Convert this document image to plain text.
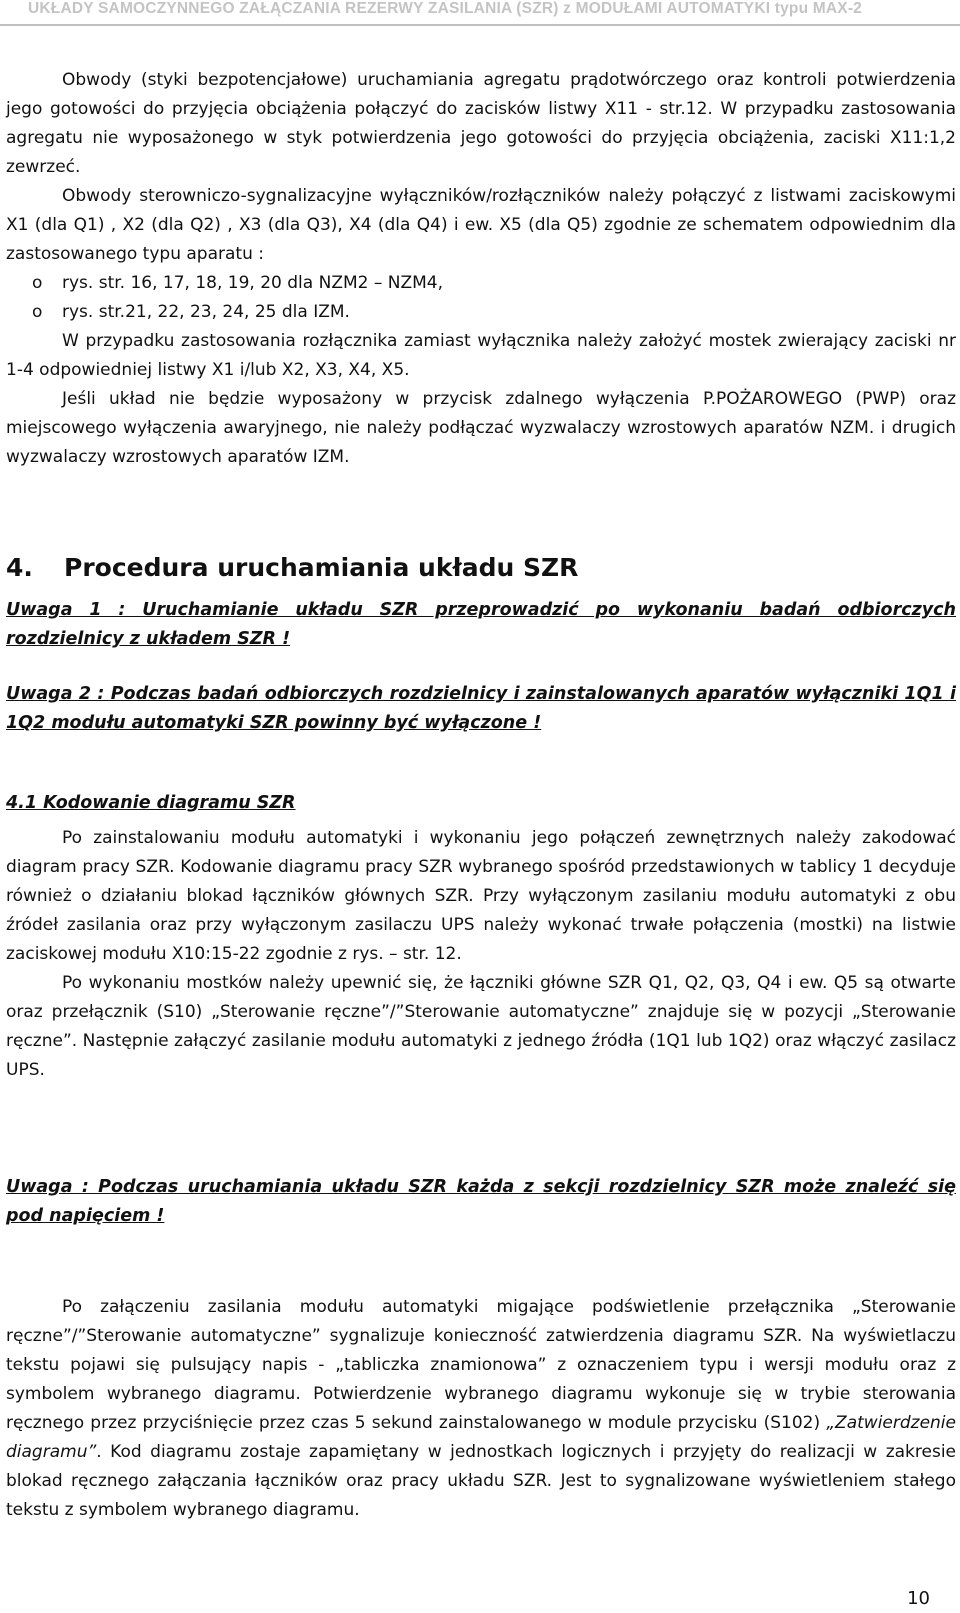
UKŁADY SAMOCZYNNEGO ZAŁĄCZANIA REZERWY ZASILANIA (SZR) z MODUŁAMI AUTOMATYKI typu MAX-2

Obwody (styki bezpotencjałowe) uruchamiania agregatu prądotwórczego oraz kontroli potwierdzenia jego gotowości do przyjęcia obciążenia połączyć do zacisków listwy X11 - str.12. W przypadku zastosowania agregatu nie wyposażonego w styk potwierdzenia jego gotowości do przyjęcia obciążenia, zaciski X11:1,2 zewrzeć.

Obwody sterowniczo-sygnalizacyjne wyłączników/rozłączników należy połączyć z listwami zaciskowymi X1 (dla Q1) , X2 (dla Q2) , X3 (dla Q3), X4 (dla Q4) i ew. X5 (dla Q5) zgodnie ze schematem odpowiednim dla zastosowanego typu aparatu :

o rys. str. 16, 17, 18, 19, 20 dla NZM2 – NZM4,
o rys. str.21, 22, 23, 24, 25 dla IZM.

W przypadku zastosowania rozłącznika zamiast wyłącznika należy założyć mostek zwierający zaciski nr 1-4 odpowiedniej listwy X1 i/lub X2, X3, X4, X5.

Jeśli układ nie będzie wyposażony w przycisk zdalnego wyłączenia P.POŻAROWEGO (PWP) oraz miejscowego wyłączenia awaryjnego, nie należy podłączać wyzwalaczy wzrostowych aparatów NZM. i drugich wyzwalaczy wzrostowych aparatów IZM.

4. Procedura uruchamiania układu SZR

Uwaga 1 : Uruchamianie układu SZR przeprowadzić po wykonaniu badań odbiorczych rozdzielnicy z układem SZR !

Uwaga 2 : Podczas badań odbiorczych rozdzielnicy i zainstalowanych aparatów wyłączniki 1Q1 i 1Q2 modułu automatyki SZR powinny być wyłączone !

4.1 Kodowanie diagramu SZR

Po zainstalowaniu modułu automatyki i wykonaniu jego połączeń zewnętrznych należy zakodować diagram pracy SZR. Kodowanie diagramu pracy SZR wybranego spośród przedstawionych w tablicy 1 decyduje również o działaniu blokad łączników głównych SZR. Przy wyłączonym zasilaniu modułu automatyki z obu źródeł zasilania oraz przy wyłączonym zasilaczu UPS należy wykonać trwałe połączenia (mostki) na listwie zaciskowej modułu X10:15-22 zgodnie z rys. – str. 12.

Po wykonaniu mostków należy upewnić się, że łączniki główne SZR Q1, Q2, Q3, Q4 i ew. Q5 są otwarte oraz przełącznik (S10) „Sterowanie ręczne”/”Sterowanie automatyczne” znajduje się w pozycji „Sterowanie ręczne”. Następnie załączyć zasilanie modułu automatyki z jednego źródła (1Q1 lub 1Q2) oraz włączyć zasilacz UPS.

Uwaga : Podczas uruchamiania układu SZR każda z sekcji rozdzielnicy SZR może znaleźć się pod napięciem !

Po załączeniu zasilania modułu automatyki migające podświetlenie przełącznika „Sterowanie ręczne”/”Sterowanie automatyczne” sygnalizuje konieczność zatwierdzenia diagramu SZR. Na wyświetlaczu tekstu pojawi się pulsujący napis - „tabliczka znamionowa” z oznaczeniem typu i wersji modułu oraz z symbolem wybranego diagramu. Potwierdzenie wybranego diagramu wykonuje się w trybie sterowania ręcznego przez przyciśnięcie przez czas 5 sekund zainstalowanego w module przycisku (S102) „Zatwierdzenie diagramu”. Kod diagramu zostaje zapamiętany w jednostkach logicznych i przyjęty do realizacji w zakresie blokad ręcznego załączania łączników oraz pracy układu SZR. Jest to sygnalizowane wyświetleniem stałego tekstu z symbolem wybranego diagramu.

10
